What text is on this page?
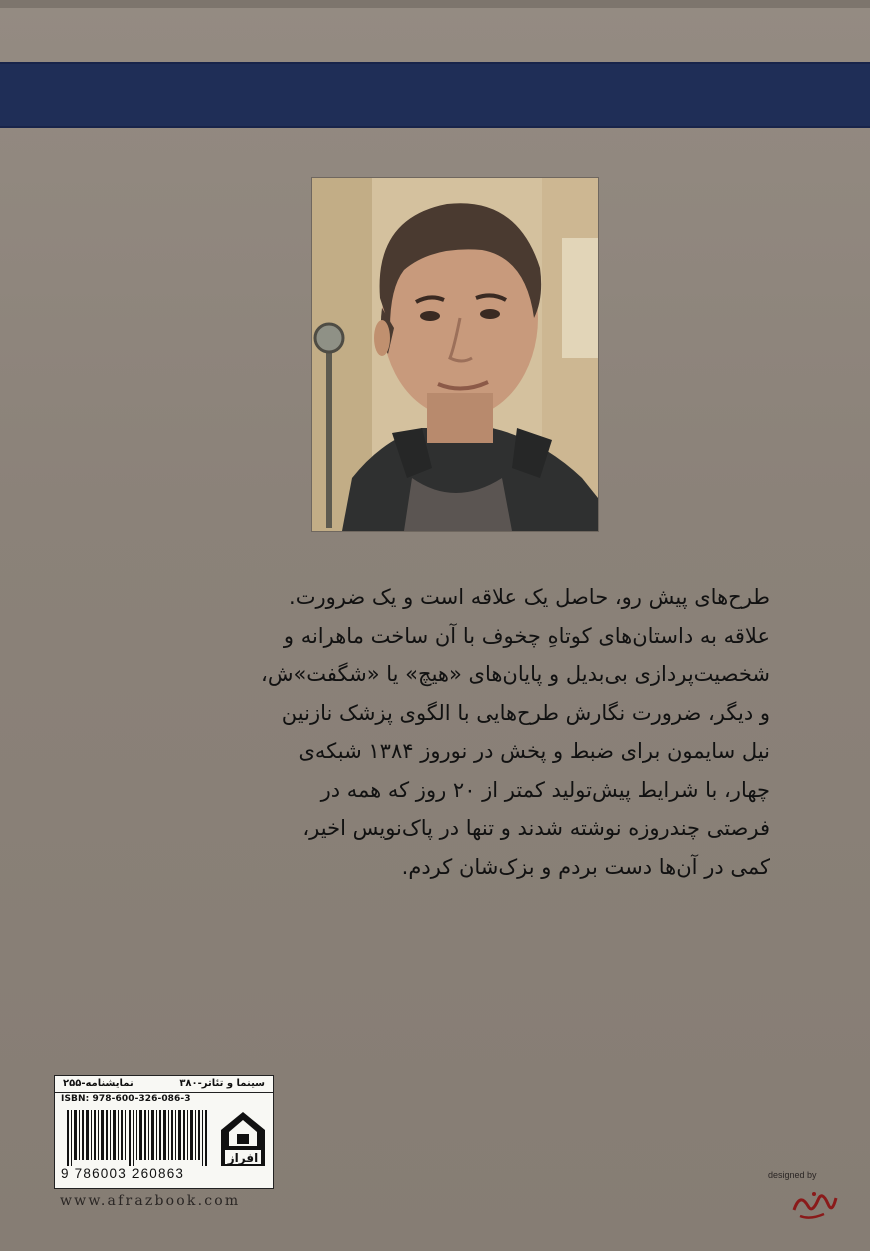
طرح‌های پیش رو، حاصل یک علاقه است و یک ضرورت.
علاقه به داستان‌های کوتاهِ چخوف با آن ساخت ماهرانه و
شخصیت‌پردازی بی‌بدیل و پایان‌های «هیچ» یا «شگفت»ش،
و دیگر، ضرورت نگارش طرح‌هایی با الگوی پزشک نازنین
نیل سایمون برای ضبط و پخش در نوروز ۱۳۸۴ شبکه‌ی
چهار، با شرایط پیش‌تولید کمتر از ۲۰ روز که همه در
فرصتی چندروزه نوشته شدند و تنها در پاک‌نویس اخیر،
کمی در آن‌ها دست بردم و بزک‌شان کردم.
سینما و تئاتر-۳۸۰
نمایشنامه-۲۵۵
ISBN: 978-600-326-086-3
9 786003 260863
افراز
www.afrazbook.com
designed by
